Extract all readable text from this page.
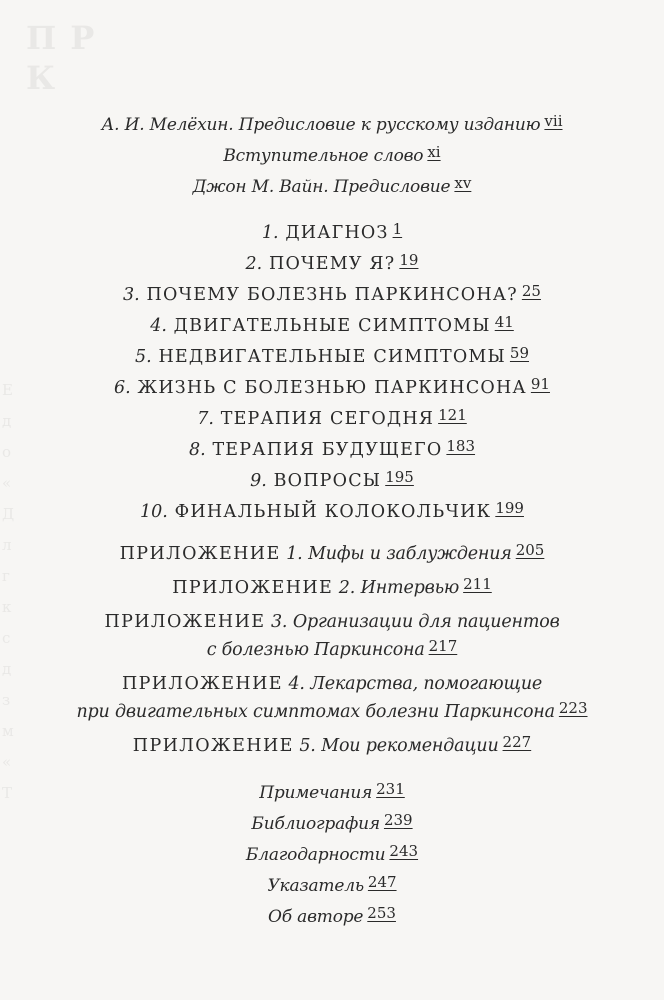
ПР
К
Е
д
о
«
Д
л
г
к
с
д
з
м
«
Т
А. И. Мелёхин. Предисловие к русскому изданию vii
Вступительное слово xi
Джон М. Вайн. Предисловие xv
1. ДИАГНОЗ 1
2. ПОЧЕМУ Я? 19
3. ПОЧЕМУ БОЛЕЗНЬ ПАРКИНСОНА? 25
4. ДВИГАТЕЛЬНЫЕ СИМПТОМЫ 41
5. НЕДВИГАТЕЛЬНЫЕ СИМПТОМЫ 59
6. ЖИЗНЬ С БОЛЕЗНЬЮ ПАРКИНСОНА 91
7. ТЕРАПИЯ СЕГОДНЯ 121
8. ТЕРАПИЯ БУДУЩЕГО 183
9. ВОПРОСЫ 195
10. ФИНАЛЬНЫЙ КОЛОКОЛЬЧИК 199
ПРИЛОЖЕНИЕ 1. Мифы и заблуждения 205
ПРИЛОЖЕНИЕ 2. Интервью 211
ПРИЛОЖЕНИЕ 3. Организации для пациентов
с болезнью Паркинсона 217
ПРИЛОЖЕНИЕ 4. Лекарства, помогающие
при двигательных симптомах болезни Паркинсона 223
ПРИЛОЖЕНИЕ 5. Мои рекомендации 227
Примечания 231
Библиография 239
Благодарности 243
Указатель 247
Об авторе 253
